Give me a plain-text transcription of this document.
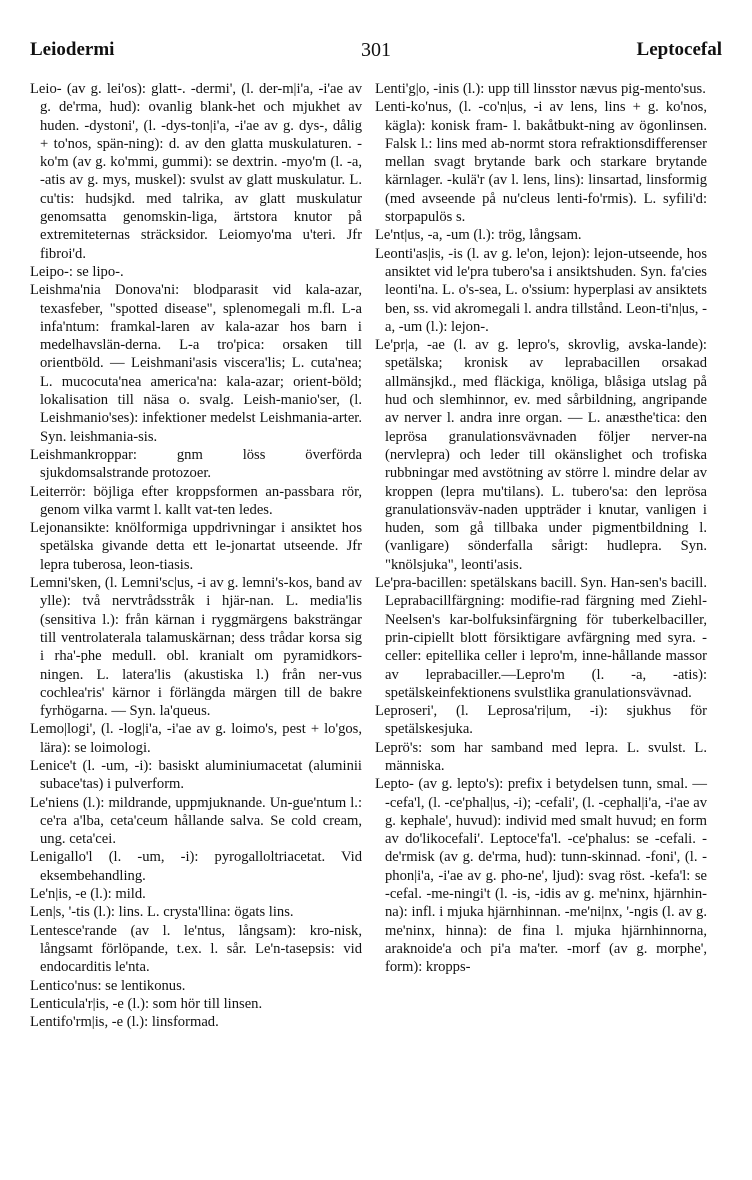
Leiodermi	301	Leptocefal

Leio- (av g. lei'os): glatt-. -dermi', (l. der-m|i'a, -i'ae av g. de'rma, hud): ovanlig blank-het och mjukhet av huden. -dystoni', (l. -dys-ton|i'a, -i'ae av g. dys-, dålig + to'nos, spän-ning): d. av den glatta muskulaturen. -ko'm (av g. ko'mmi, gummi): se dextrin. -myo'm (l. -a, -atis av g. mys, muskel): svulst av glatt muskulatur. L. cu'tis: hudsjkd. med talrika, av glatt muskulatur genomsatta genomskin-liga, ärtstora knutor på extremiteternas sträcksidor. Leiomyo'ma u'teri. Jfr fibroi'd.

Leipo-: se lipo-.

Leishma'nia Donova'ni: blodparasit vid kala-azar, texasfeber, "spotted disease", splenomegali m.fl. L-a infa'ntum: framkal-laren av kala-azar hos barn i medelhavslän-derna. L-a tro'pica: orsaken till orientböld. — Leishmani'asis viscera'lis; L. cuta'nea; L. mucocuta'nea america'na: kala-azar; orient-böld; lokalisation till näsa o. svalg. Leish-manio'ser, (l. Leishmanio'ses): infektioner medelst Leishmania-arter. Syn. leishmania-sis.

Leishmankroppar: gnm löss överförda sjukdomsalstrande protozoer.

Leiterrör: böjliga efter kroppsformen an-passbara rör, genom vilka varmt l. kallt vat-ten ledes.

Lejonansikte: knölformiga uppdrivningar i ansiktet hos spetälska givande detta ett le-jonartat utseende. Jfr lepra tuberosa, leon-tiasis.

Lemni'sken, (l. Lemni'sc|us, -i av g. lemni's-kos, band av ylle): två nervtrådsstråk i hjär-nan. L. media'lis (sensitiva l.): från kärnan i ryggmärgens baksträngar till ventrolaterala talamuskärnan; dess trådar korsa sig i rha'-phe medull. obl. kranialt om pyramidkors-ningen. L. latera'lis (akustiska l.) från ner-vus cochlea'ris' kärnor i förlängda märgen till de bakre fyrhögarna. — Syn. la'queus.

Lemo|logi', (l. -log|i'a, -i'ae av g. loimo's, pest + lo'gos, lära): se loimologi.

Lenice't (l. -um, -i): basiskt aluminiumacetat (aluminii subace'tas) i pulverform.

Le'niens (l.): mildrande, uppmjuknande. Un-gue'ntum l.: ce'ra a'lba, ceta'ceum hållande salva. Se cold cream, ung. ceta'cei.

Lenigallo'l (l. -um, -i): pyrogalloltriacetat. Vid eksembehandling.

Le'n|is, -e (l.): mild.

Len|s, '-tis (l.): lins. L. crysta'llina: ögats lins.

Lentesce'rande (av l. le'ntus, långsam): kro-nisk, långsamt förlöpande, t.ex. l. sår. Le'n-tasepsis: vid endocarditis le'nta.

Lentico'nus: se lentikonus.

Lenticula'r|is, -e (l.): som hör till linsen.

Lentifo'rm|is, -e (l.): linsformad.

Lenti'g|o, -inis (l.): upp till linsstor nævus pig-mento'sus.

Lenti-ko'nus, (l. -co'n|us, -i av lens, lins + g. ko'nos, kägla): konisk fram- l. bakåtbukt-ning av ögonlinsen. Falsk l.: lins med ab-normt stora refraktionsdifferenser mellan svagt brytande bark och starkare brytande kärnlager. -kulä'r (av l. lens, lins): linsartad, linsformig (med avseende på nu'cleus lenti-fo'rmis). L. syfili'd: storpapulös s.

Le'nt|us, -a, -um (l.): trög, långsam.

Leonti'as|is, -is (l. av g. le'on, lejon): lejon-utseende, hos ansiktet vid le'pra tubero'sa i ansiktshuden. Syn. fa'cies leonti'na. L. o's-sea, L. o'ssium: hyperplasi av ansiktets ben, ss. vid akromegali l. andra tillstånd. Leon-ti'n|us, -a, -um (l.): lejon-.

Le'pr|a, -ae (l. av g. lepro's, skrovlig, avska-lande): spetälska; kronisk av leprabacillen orsakad allmänsjkd., med fläckiga, knöliga, blåsiga utslag på hud och slemhinnor, ev. med sårbildning, angripande av nerver l. andra inre organ. — L. anæsthe'tica: den leprösa granulationsvävnaden följer nerver-na (nervlepra) och leder till okänslighet och trofiska rubbningar med avstötning av större l. mindre delar av kroppen (lepra mu'tilans). L. tubero'sa: den leprösa granulationsväv-naden uppträder i knutar, vanligen i huden, som gå tillbaka under pigmentbildning l. (vanligare) sönderfalla sårigt: hudlepra. Syn. "knölsjuka", leonti'asis.

Le'pra-bacillen: spetälskans bacill. Syn. Han-sen's bacill. Leprabacillfärgning: modifie-rad färgning med Ziehl-Neelsen's kar-bolfuksinfärgning för tuberkelbaciller, prin-cipiellt blott försiktigare avfärgning med syra. -celler: epitellika celler i lepro'm, inne-hållande massor av leprabaciller.—Lepro'm (l. -a, -atis): spetälskeinfektionens svulstlika granulationsvävnad.

Leproseri', (l. Leprosa'ri|um, -i): sjukhus för spetälskesjuka.

Leprö's: som har samband med lepra. L. svulst. L. människa.

Lepto- (av g. lepto's): prefix i betydelsen tunn, smal. — -cefa'l, (l. -ce'phal|us, -i); -cefali', (l. -cephal|i'a, -i'ae av g. kephale', huvud): individ med smalt huvud; en form av do'likocefali'. Leptoce'fa'l. -ce'phalus: se -cefali. -de'rmisk (av g. de'rma, hud): tunn-skinnad. -foni', (l. -phon|i'a, -i'ae av g. pho-ne', ljud): svag röst. -kefa'l: se -cefal. -me-ningi't (l. -is, -idis av g. me'ninx, hjärnhin-na): infl. i mjuka hjärnhinnan. -me'ni|nx, '-ngis (l. av g. me'ninx, hinna): de fina l. mjuka hjärnhinnorna, araknoide'a och pi'a ma'ter. -morf (av g. morphe', form): kropps-
